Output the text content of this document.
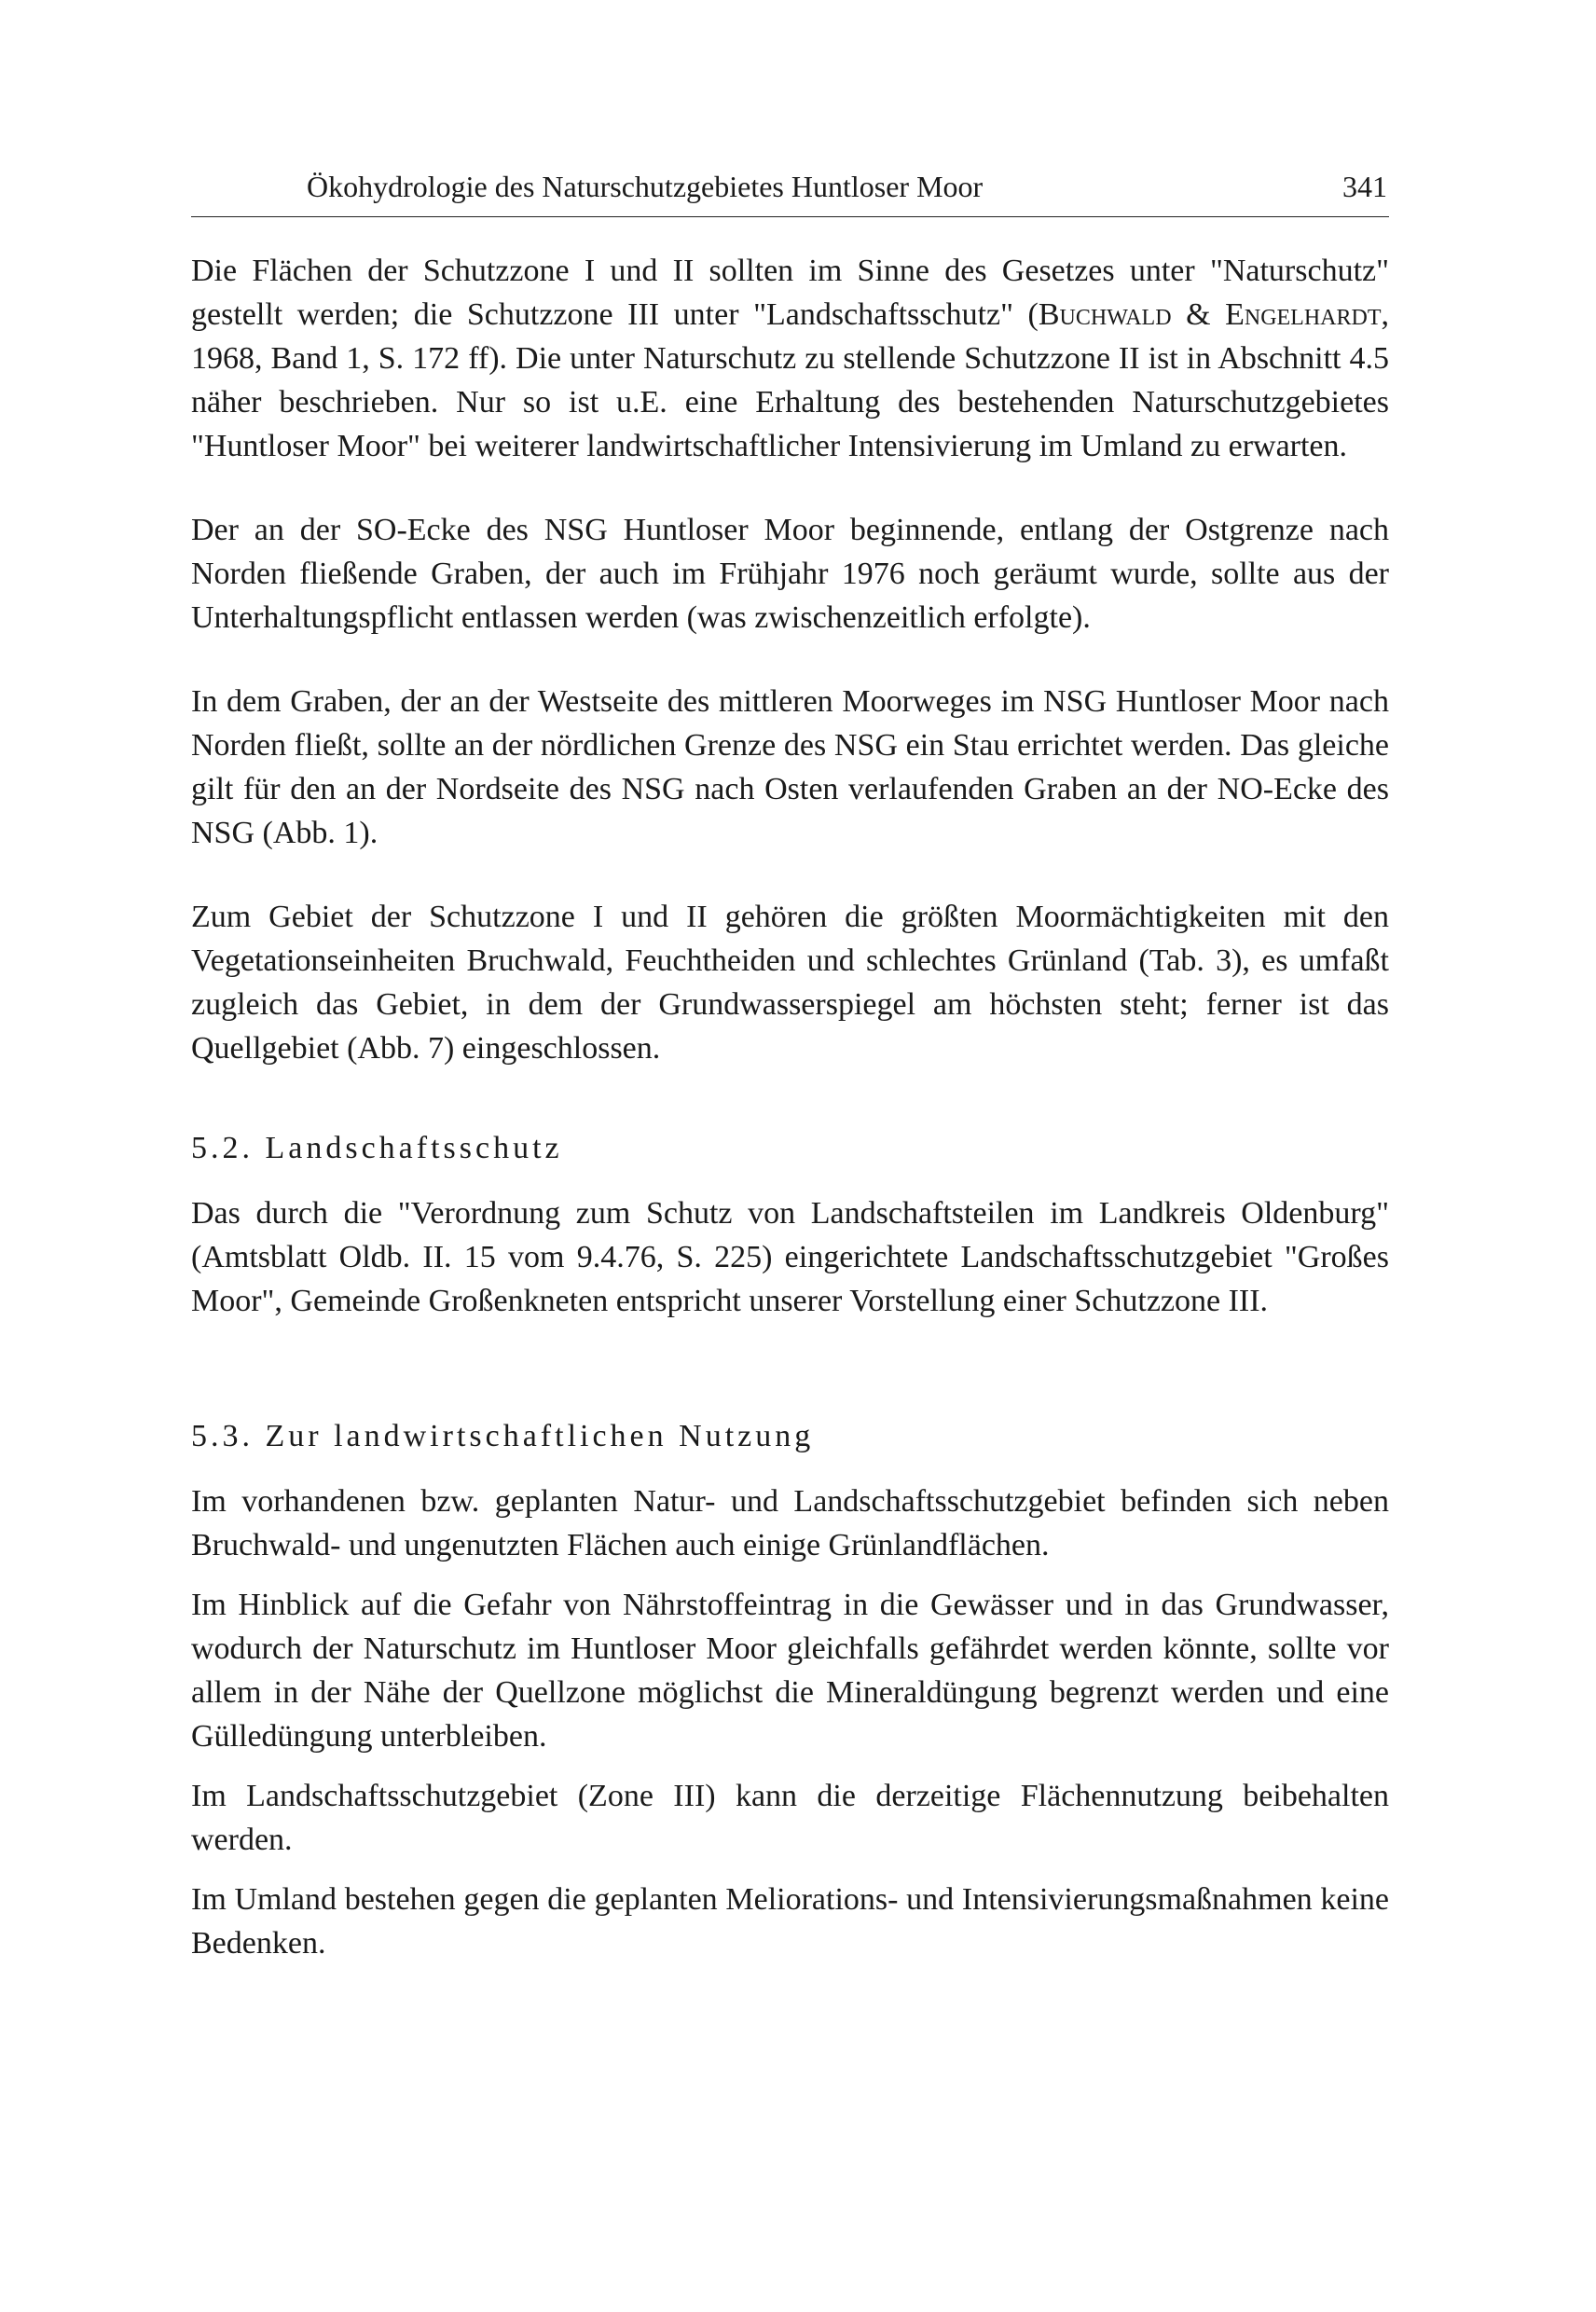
Ökohydrologie des Naturschutzgebietes Huntloser Moor	341

Die Flächen der Schutzzone I und II sollten im Sinne des Gesetzes unter "Naturschutz" gestellt werden; die Schutzzone III unter "Landschaftsschutz" (Buchwald & Engelhardt, 1968, Band 1, S. 172 ff). Die unter Naturschutz zu stellende Schutzzone II ist in Abschnitt 4.5 näher beschrieben. Nur so ist u.E. eine Erhaltung des bestehenden Naturschutzgebietes "Huntloser Moor" bei weiterer landwirtschaftlicher Intensivierung im Umland zu erwarten.

Der an der SO-Ecke des NSG Huntloser Moor beginnende, entlang der Ostgrenze nach Norden fließende Graben, der auch im Frühjahr 1976 noch geräumt wurde, sollte aus der Unterhaltungspflicht entlassen werden (was zwischenzeitlich erfolgte).

In dem Graben, der an der Westseite des mittleren Moorweges im NSG Huntloser Moor nach Norden fließt, sollte an der nördlichen Grenze des NSG ein Stau errichtet werden. Das gleiche gilt für den an der Nordseite des NSG nach Osten verlaufenden Graben an der NO-Ecke des NSG (Abb. 1).

Zum Gebiet der Schutzzone I und II gehören die größten Moormächtigkeiten mit den Vegetationseinheiten Bruchwald, Feuchtheiden und schlechtes Grünland (Tab. 3), es umfaßt zugleich das Gebiet, in dem der Grundwasserspiegel am höchsten steht; ferner ist das Quellgebiet (Abb. 7) eingeschlossen.

5.2. Landschaftsschutz

Das durch die "Verordnung zum Schutz von Landschaftsteilen im Landkreis Oldenburg" (Amtsblatt Oldb. II. 15 vom 9.4.76, S. 225) eingerichtete Landschaftsschutzgebiet "Großes Moor", Gemeinde Großenkneten entspricht unserer Vorstellung einer Schutzzone III.

5.3. Zur landwirtschaftlichen Nutzung

Im vorhandenen bzw. geplanten Natur- und Landschaftsschutzgebiet befinden sich neben Bruchwald- und ungenutzten Flächen auch einige Grünlandflächen.

Im Hinblick auf die Gefahr von Nährstoffeintrag in die Gewässer und in das Grundwasser, wodurch der Naturschutz im Huntloser Moor gleichfalls gefährdet werden könnte, sollte vor allem in der Nähe der Quellzone möglichst die Mineraldüngung begrenzt werden und eine Gülledüngung unterbleiben.

Im Landschaftsschutzgebiet (Zone III) kann die derzeitige Flächennutzung beibehalten werden.

Im Umland bestehen gegen die geplanten Meliorations- und Intensivierungsmaßnahmen keine Bedenken.
